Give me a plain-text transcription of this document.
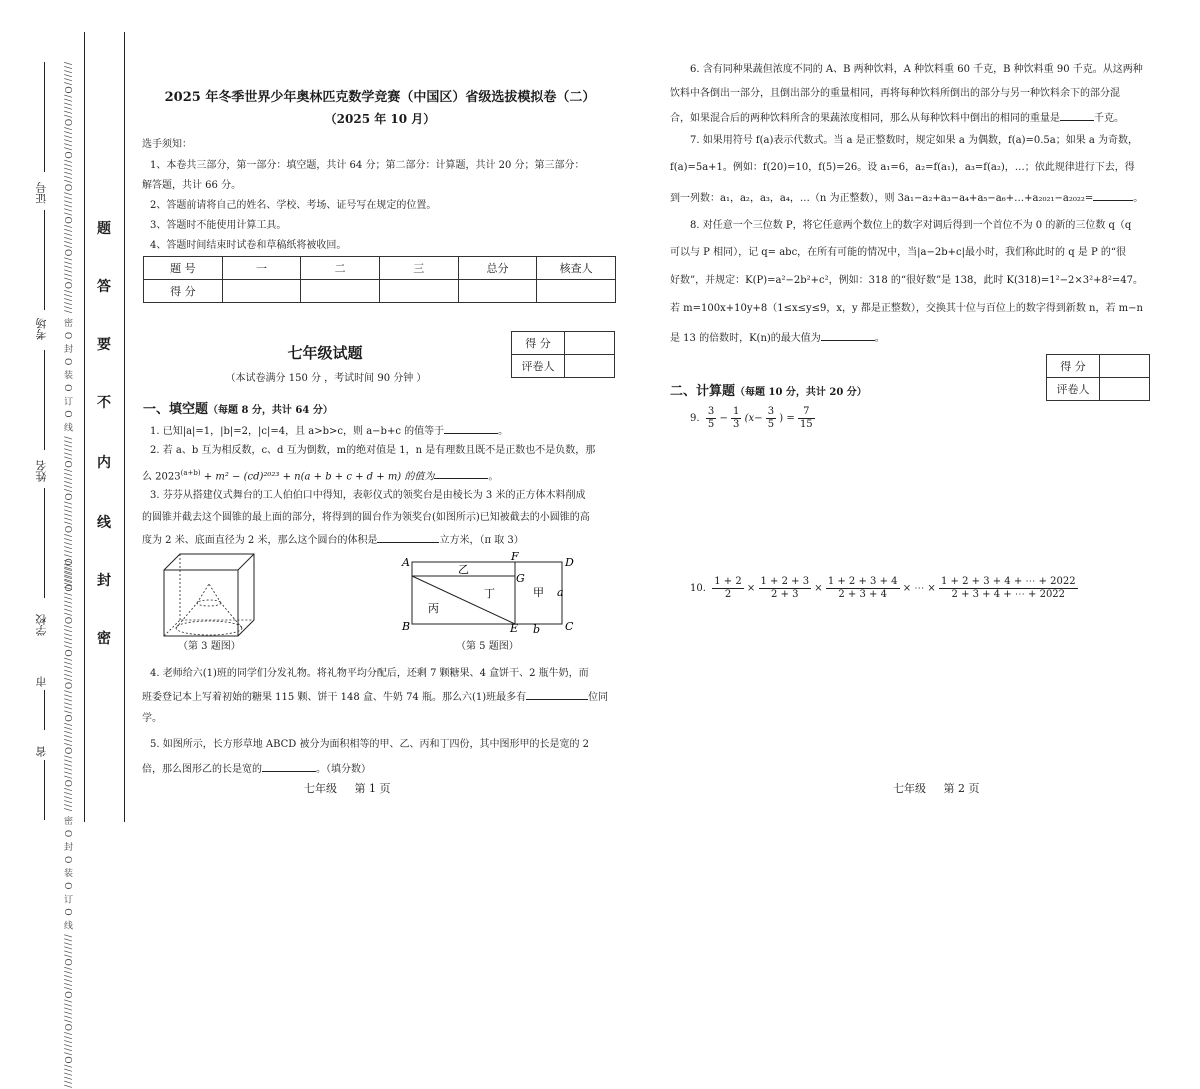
//////O//////O//////O//////O//////O//////O//////O////// 密 O 封 O 装 O 订 O 线 //////O//////O//////O//////O//////
//////O//////O//////O//////O//////O//////O//////O////// 密 O 封 O 装 O 订 O 线 //////O//////O//////O//////O//////
证号
考场
姓名
学校
市
省
题
答
要
不
内
线
封
密
2025 年冬季世界少年奥林匹克数学竞赛（中国区）省级选拔模拟卷（二）
（2025 年 10 月）
选手须知：
1、本卷共三部分，第一部分：填空题，共计 64 分；第二部分：计算题，共计 20 分；第三部分：
解答题，共计 66 分。
2、答题前请将自己的姓名、学校、考场、证号写在规定的位置。
3、答题时不能使用计算工具。
4、答题时间结束时试卷和草稿纸将被收回。
题 号	一	二	三	总分	核查人
得 分					
七年级试题
（本试卷满分 150 分 ，考试时间 90 分钟 ）
得 分	
评卷人	
一、填空题（每题 8 分，共计 64 分）
1. 已知|a|=1，|b|=2，|c|=4，且 a>b>c，则 a−b+c 的值等于	。
2. 若 a、b 互为相反数，c、d 互为倒数，m的绝对值是 1，n 是有理数且既不是正数也不是负数，那
么 $2023^{(a+b)} + m^2 - (cd)^{2023} + n(a + b + c + d + m)$ 的值为	。
3. 芬芬从搭建仪式舞台的工人伯伯口中得知，表彰仪式的领奖台是由棱长为 3 米的正方体木料削成
的圆锥并截去这个圆锥的最上面的部分，将得到的圆台作为领奖台(如图所示)已知被截去的小圆锥的高
度为 2 米、底面直径为 2 米，那么这个圆台的体积是	立方米，（π 取 3）
（第 3 题图）
A
B
F
G
D
C
E
乙
丙
丁	甲 a
b
（第 5 题图）
4. 老师给六(1)班的同学们分发礼物。将礼物平均分配后，还剩 7 颗糖果、4 盒饼干、2 瓶牛奶，而
班委登记本上写着初始的糖果 115 颗、饼干 148 盒、牛奶 74 瓶。那么六(1)班最多有	位同
学。
5. 如图所示，长方形草地 ABCD 被分为面积相等的甲、乙、丙和丁四份，其中图形甲的长是宽的 2
倍，那么图形乙的长是宽的	。（填分数）
七年级 第 1 页
6. 含有同种果蔬但浓度不同的 A、B 两种饮料，A 种饮料重 60 千克，B 种饮料重 90 千克。从这两种
饮料中各倒出一部分，且倒出部分的重量相同，再将每种饮料所倒出的部分与另一种饮料余下的部分混
合，如果混合后的两种饮料所含的果蔬浓度相同，那么从每种饮料中倒出的相同的重量是	千克。
7. 如果用符号 f(a)表示代数式。当 a 是正整数时，规定如果 a 为偶数，f(a)=0.5a；如果 a 为奇数，
f(a)=5a+1。例如：f(20)=10，f(5)=26。设 a₁=6，a₂=f(a₁)，a₃=f(a₂)，…；依此规律进行下去，得
到一列数：a₁，a₂，a₃，a₄，…（n 为正整数），则 3a₁−a₂+a₃−a₄+a₅−a₆+…+a₂₀₂₁−a₂₀₂₂=	。
8. 对任意一个三位数 P，将它任意两个数位上的数字对调后得到一个首位不为 0 的新的三位数 q（q
可以与 P 相同），记 q= abc，在所有可能的情况中，当|a−2b+c|最小时，我们称此时的 q 是 P 的“很
好数”，并规定：K(P)=a²−2b²+c²，例如：318 的“很好数”是 138，此时 K(318)=1²−2×3²+8²=47。
若 m=100x+10y+8（1≤x≤y≤9，x，y 都是正整数），交换其十位与百位上的数字得到新数 n，若 m−n
是 13 的倍数时，K(n)的最大值为	。
得 分	
评卷人	
二、计算题（每题 10 分，共计 20 分）
9. $\frac{3}{5} - \frac{1}{3} (x- \frac{3}{5}$ ) = $\frac{7}{15}$
10. $\frac{1 + 2}{2} \times \frac{1 + 2 + 3}{2 + 3} \times \frac{1 + 2 + 3 + 4}{2 + 3 + 4}$ × ⋯ × $\frac{1 + 2 + 3 + 4 + \cdots + 2022}{2 + 3 + 4 + \cdots + 2022}$
七年级 第 2 页
